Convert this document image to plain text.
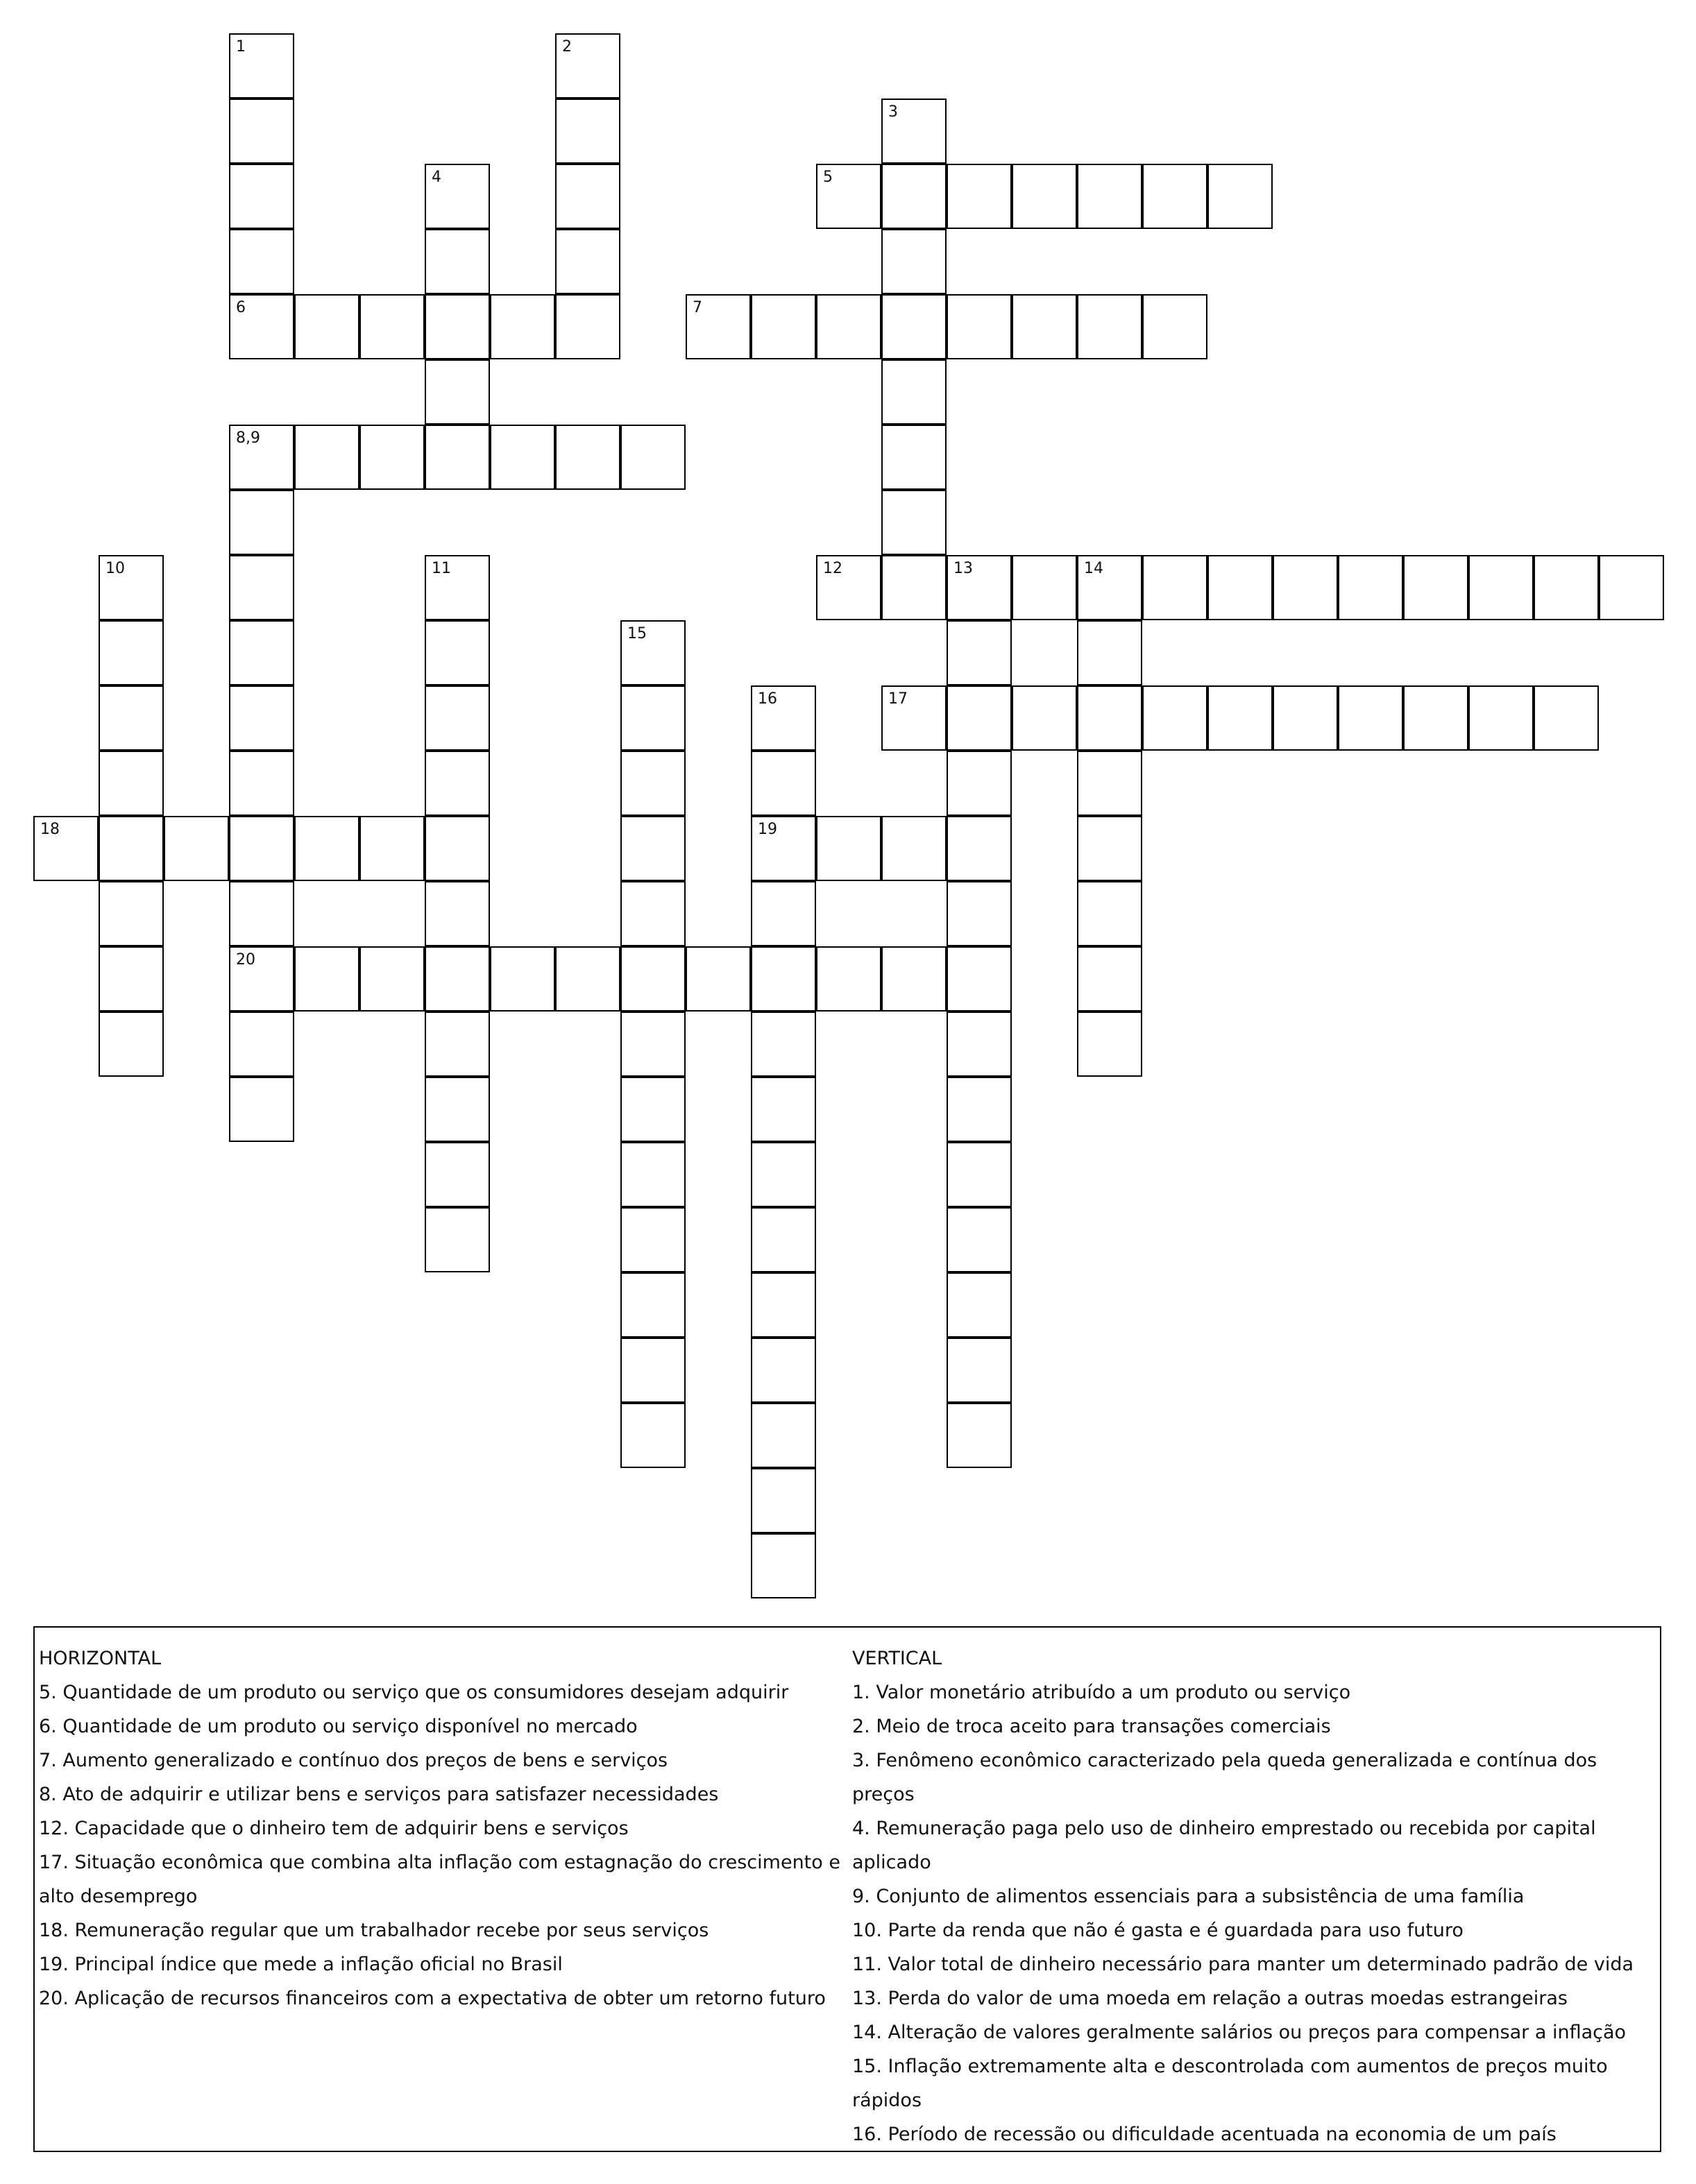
1
6
2
3
4	5
7
8,9
20
10	11	12	13	14
15
16
19
17
18
HORIZONTAL
5. Quantidade de um produto ou serviço que os consumidores desejam adquirir
6. Quantidade de um produto ou serviço disponível no mercado
7. Aumento generalizado e contínuo dos preços de bens e serviços
8. Ato de adquirir e utilizar bens e serviços para satisfazer necessidades
12. Capacidade que o dinheiro tem de adquirir bens e serviços
17. Situação econômica que combina alta inflação com estagnação do crescimento e alto desemprego
18. Remuneração regular que um trabalhador recebe por seus serviços
19. Principal índice que mede a inflação oficial no Brasil
20. Aplicação de recursos financeiros com a expectativa de obter um retorno futuro
VERTICAL
1. Valor monetário atribuído a um produto ou serviço
2. Meio de troca aceito para transações comerciais
3. Fenômeno econômico caracterizado pela queda generalizada e contínua dos preços
4. Remuneração paga pelo uso de dinheiro emprestado ou recebida por capital aplicado
9. Conjunto de alimentos essenciais para a subsistência de uma família
10. Parte da renda que não é gasta e é guardada para uso futuro
11. Valor total de dinheiro necessário para manter um determinado padrão de vida
13. Perda do valor de uma moeda em relação a outras moedas estrangeiras
14. Alteração de valores geralmente salários ou preços para compensar a inflação
15. Inflação extremamente alta e descontrolada com aumentos de preços muito rápidos
16. Período de recessão ou dificuldade acentuada na economia de um país
